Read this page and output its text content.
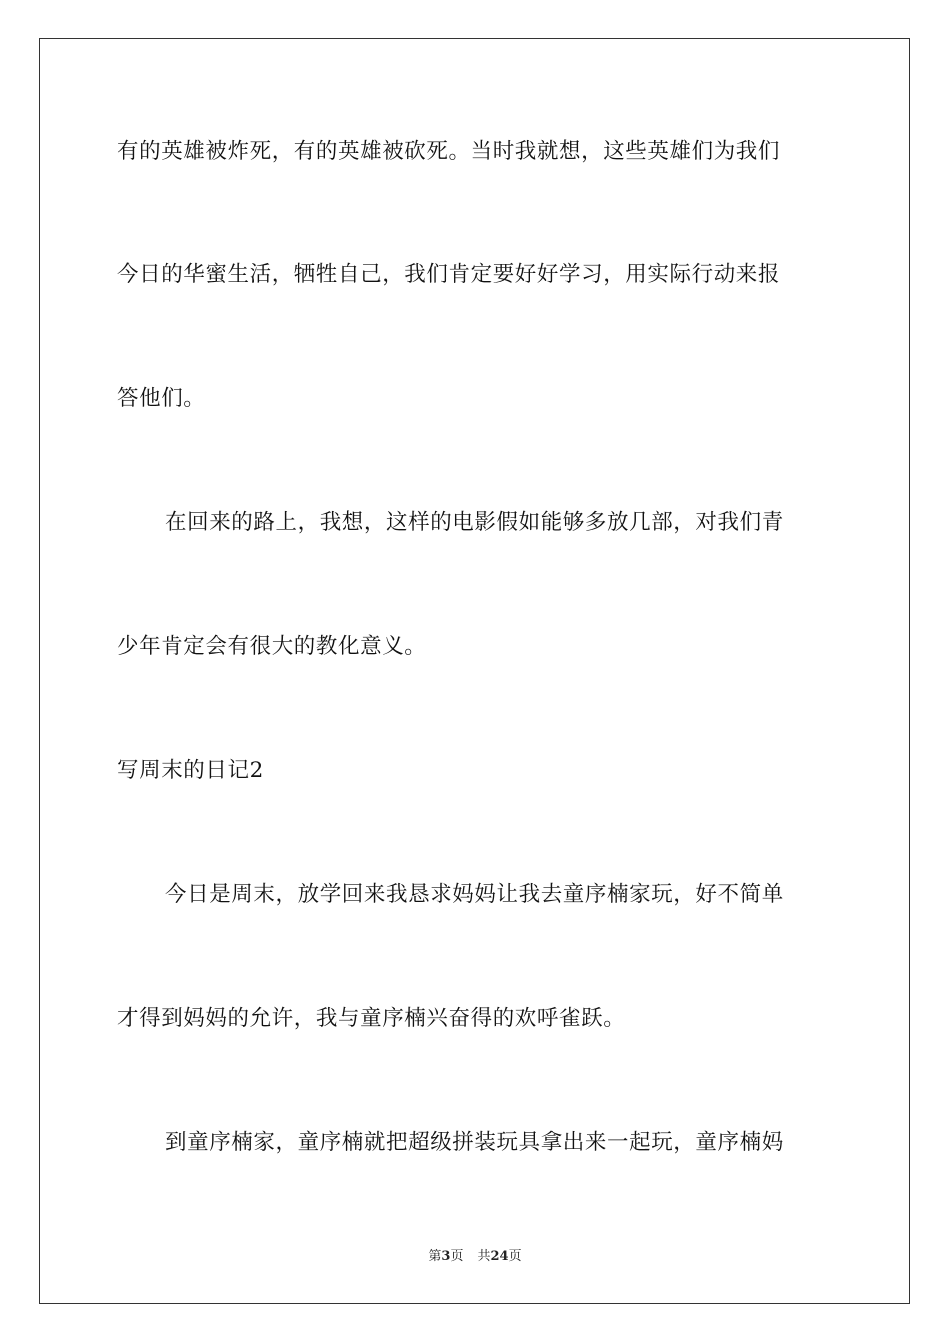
有的英雄被炸死，有的英雄被砍死。当时我就想，这些英雄们为我们
今日的华蜜生活，牺牲自己，我们肯定要好好学习，用实际行动来报
答他们。
在回来的路上，我想，这样的电影假如能够多放几部，对我们青
少年肯定会有很大的教化意义。
写周末的日记2
今日是周末，放学回来我恳求妈妈让我去童序楠家玩，好不简单
才得到妈妈的允许，我与童序楠兴奋得的欢呼雀跃。
到童序楠家，童序楠就把超级拼装玩具拿出来一起玩，童序楠妈
第3页 共24页
